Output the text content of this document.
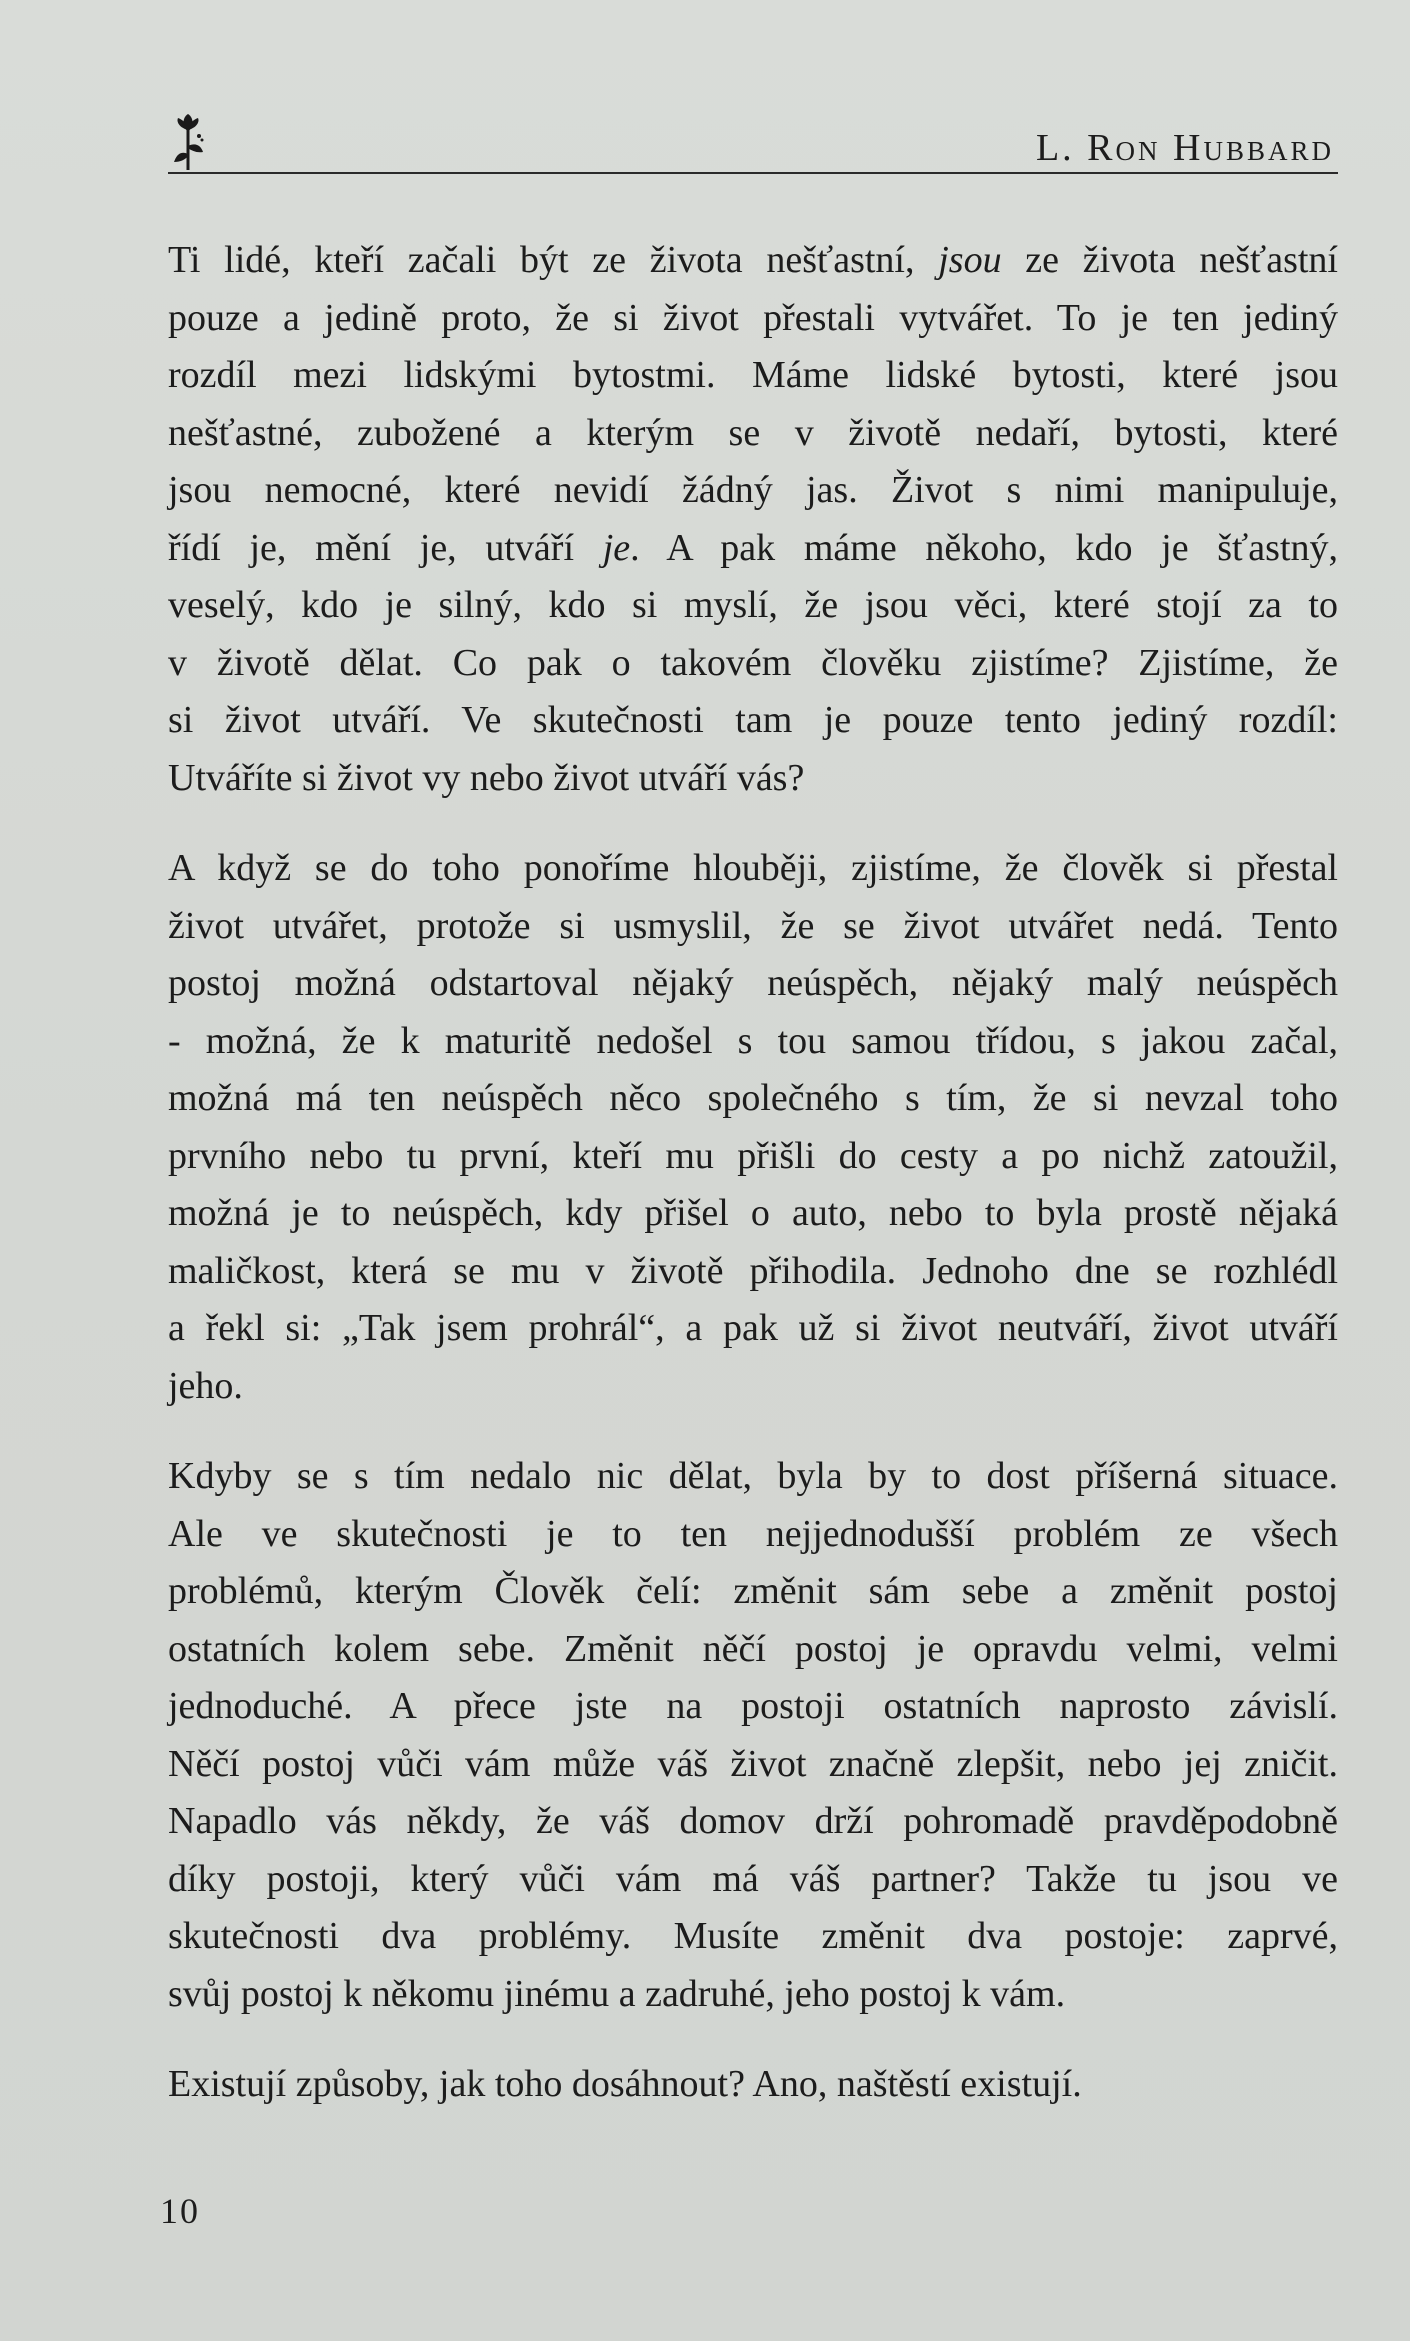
L. Ron Hubbard

Ti lidé, kteří začali být ze života nešťastní, jsou ze života nešťastní
pouze a jedině proto, že si život přestali vytvářet. To je ten jediný
rozdíl mezi lidskými bytostmi. Máme lidské bytosti, které jsou
nešťastné, zubožené a kterým se v životě nedaří, bytosti, které
jsou nemocné, které nevidí žádný jas. Život s nimi manipuluje,
řídí je, mění je, utváří je. A pak máme někoho, kdo je šťastný,
veselý, kdo je silný, kdo si myslí, že jsou věci, které stojí za to
v životě dělat. Co pak o takovém člověku zjistíme? Zjistíme, že
si život utváří. Ve skutečnosti tam je pouze tento jediný rozdíl:
Utváříte si život vy nebo život utváří vás?

A když se do toho ponoříme hlouběji, zjistíme, že člověk si přestal
život utvářet, protože si usmyslil, že se život utvářet nedá. Tento
postoj možná odstartoval nějaký neúspěch, nějaký malý neúspěch
- možná, že k maturitě nedošel s tou samou třídou, s jakou začal,
možná má ten neúspěch něco společného s tím, že si nevzal toho
prvního nebo tu první, kteří mu přišli do cesty a po nichž zatoužil,
možná je to neúspěch, kdy přišel o auto, nebo to byla prostě nějaká
maličkost, která se mu v životě přihodila. Jednoho dne se rozhlédl
a řekl si: „Tak jsem prohrál“, a pak už si život neutváří, život utváří
jeho.

Kdyby se s tím nedalo nic dělat, byla by to dost příšerná situace.
Ale ve skutečnosti je to ten nejjednodušší problém ze všech
problémů, kterým Člověk čelí: změnit sám sebe a změnit postoj
ostatních kolem sebe. Změnit něčí postoj je opravdu velmi, velmi
jednoduché. A přece jste na postoji ostatních naprosto závislí.
Něčí postoj vůči vám může váš život značně zlepšit, nebo jej zničit.
Napadlo vás někdy, že váš domov drží pohromadě pravděpodobně
díky postoji, který vůči vám má váš partner? Takže tu jsou ve
skutečnosti dva problémy. Musíte změnit dva postoje: zaprvé,
svůj postoj k někomu jinému a zadruhé, jeho postoj k vám.

Existují způsoby, jak toho dosáhnout? Ano, naštěstí existují.

10
